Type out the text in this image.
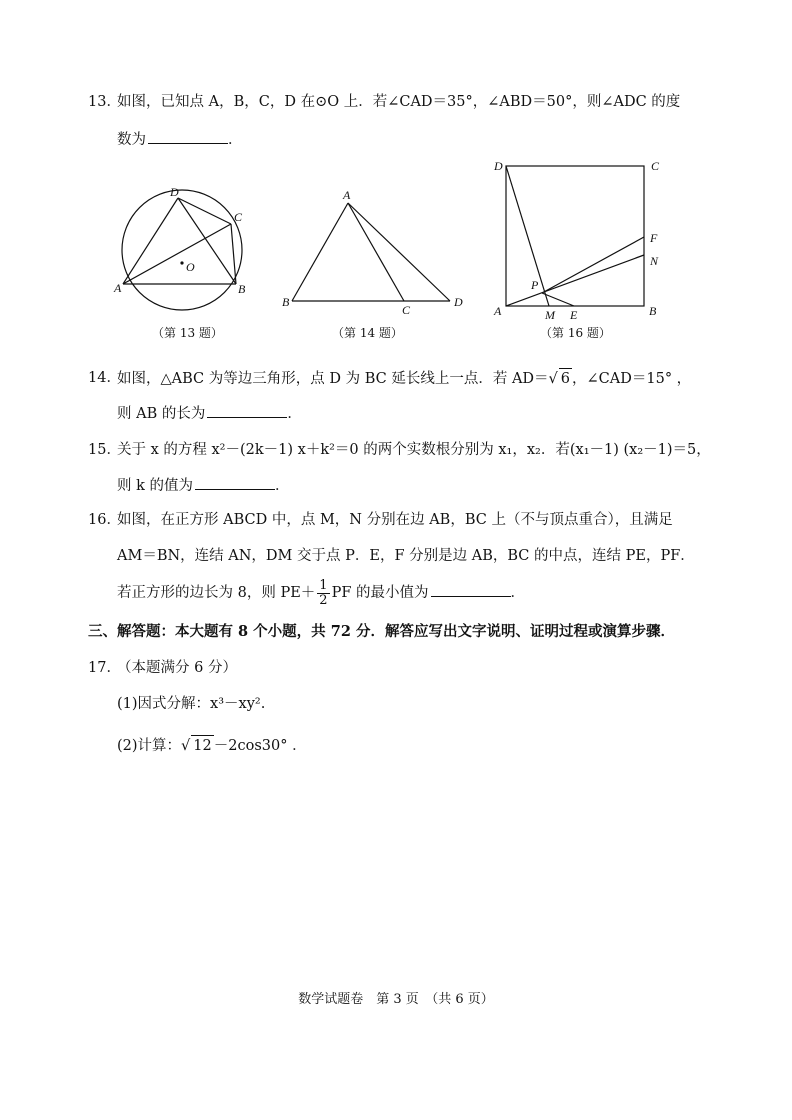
13．
如图，已知点 A，B，C，D 在⊙O 上．若∠CAD＝35°，∠ABD＝50°，则∠ADC 的度
数为	．
D
C
O
A	B
（第 13 题）
A
B
C
D
（第 14 题）
D	C
F
N
P
A	M E	B
（第 16 题）
14．
如图，△ABC 为等边三角形，点 D 为 BC 延长线上一点．若 AD＝√ 6 ，∠CAD＝15° ，
则 AB 的长为	．
15．
关于 x 的方程 x²－(2k－1) x＋k²＝0 的两个实数根分别为 x₁，x₂．若(x₁－1) (x₂－1)＝5，
则 k 的值为	．
16．
如图，在正方形 ABCD 中，点 M，N 分别在边 AB，BC 上（不与顶点重合），且满足
AM＝BN，连结 AN，DM 交于点 P．E，F 分别是边 AB，BC 的中点，连结 PE，PF．
若正方形的边长为 8，则 $PE+ \frac{1}{2}$ PF 的最小值为	．
三、解答题：本大题有 8 个小题，共 72 分．解答应写出文字说明、证明过程或演算步骤．
17．
（本题满分 6 分）
(1)因式分解：x³－xy².
(2)计算：√ 12 －2cos30° ．
数学试题卷　第 3 页　（共 6 页）
